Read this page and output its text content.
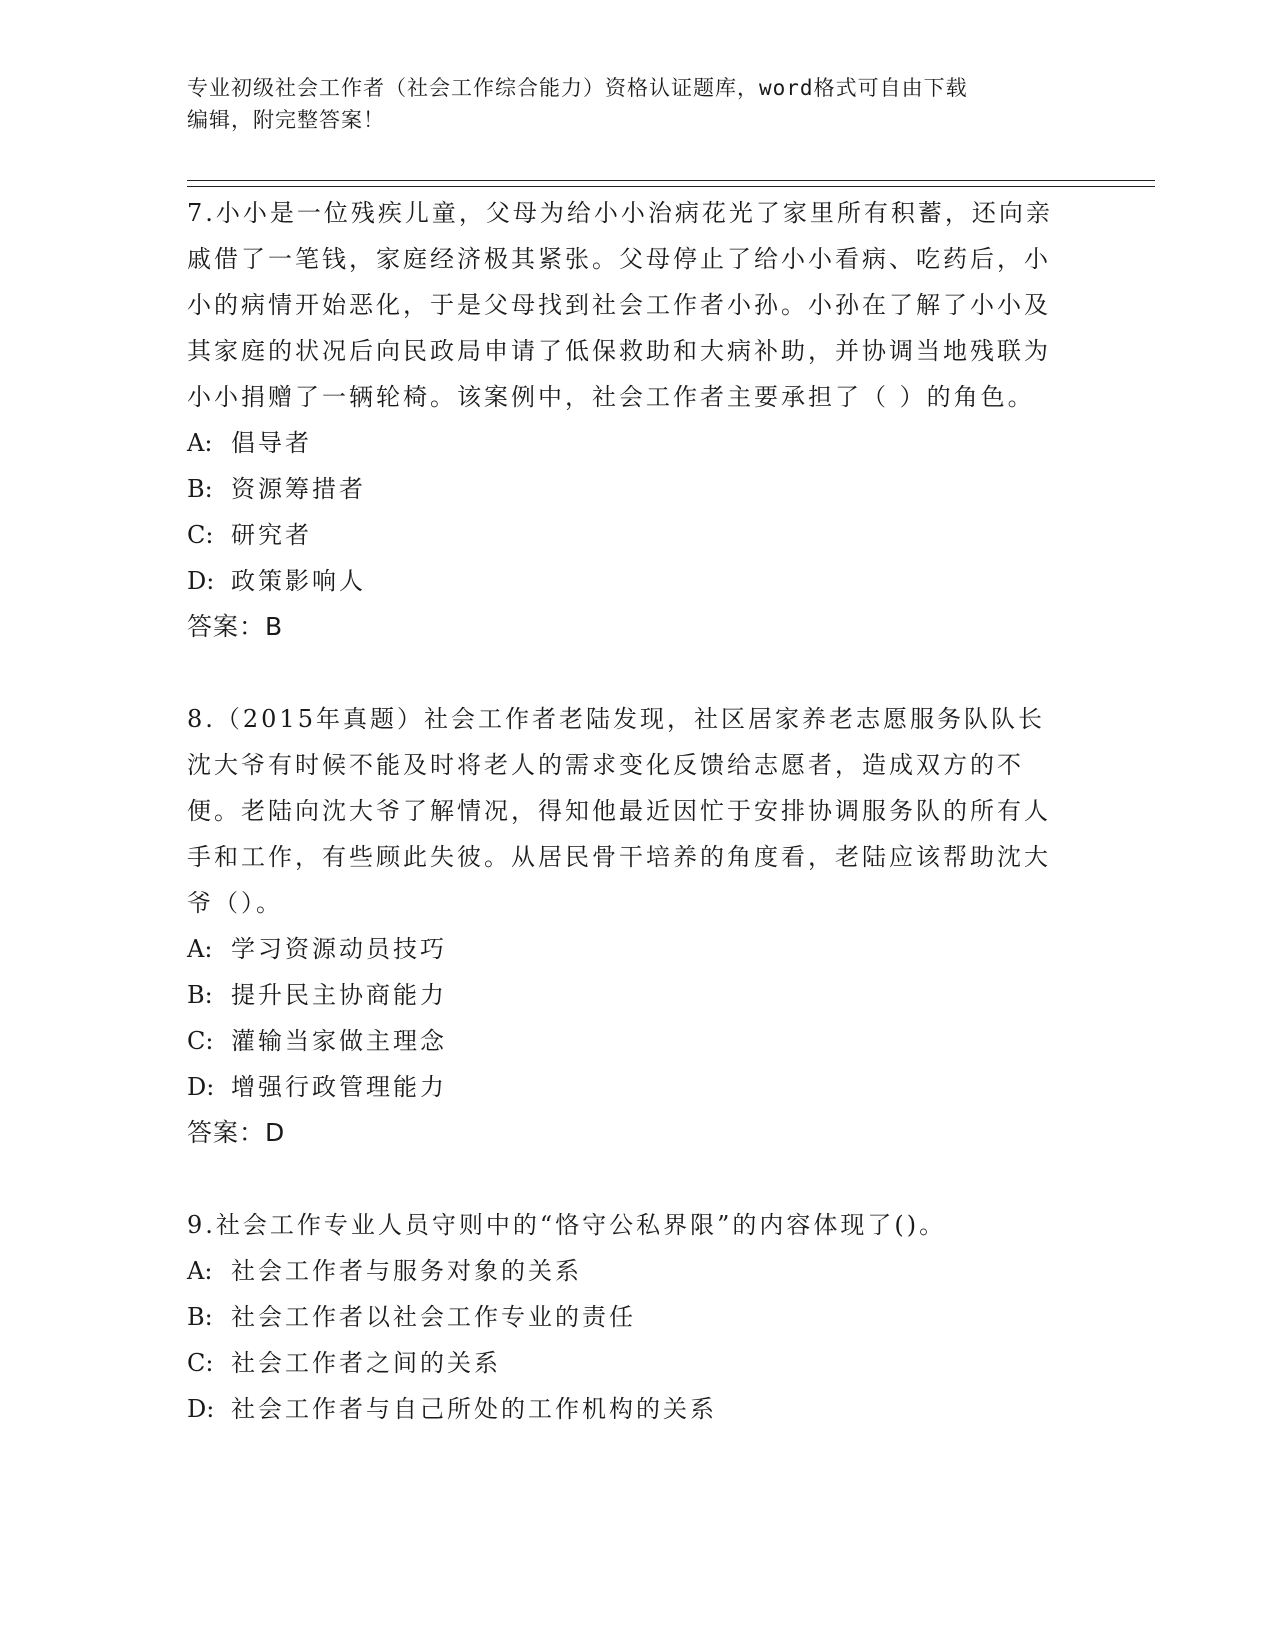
专业初级社会工作者（社会工作综合能力）资格认证题库，word格式可自由下载
编辑，附完整答案！

7.小小是一位残疾儿童，父母为给小小治病花光了家里所有积蓄，还向亲戚借了一笔钱，家庭经济极其紧张。父母停止了给小小看病、吃药后，小小的病情开始恶化，于是父母找到社会工作者小孙。小孙在了解了小小及其家庭的状况后向民政局申请了低保救助和大病补助，并协调当地残联为小小捐赠了一辆轮椅。该案例中，社会工作者主要承担了（ ）的角色。

A: 倡导者

B: 资源筹措者

C: 研究者

D: 政策影响人

答案：B

8.（2015年真题）社会工作者老陆发现，社区居家养老志愿服务队队长沈大爷有时候不能及时将老人的需求变化反馈给志愿者，造成双方的不便。老陆向沈大爷了解情况，得知他最近因忙于安排协调服务队的所有人手和工作，有些顾此失彼。从居民骨干培养的角度看，老陆应该帮助沈大爷（）。

A: 学习资源动员技巧

B: 提升民主协商能力

C: 灌输当家做主理念

D: 增强行政管理能力

答案：D

9.社会工作专业人员守则中的“恪守公私界限”的内容体现了()。

A: 社会工作者与服务对象的关系

B: 社会工作者以社会工作专业的责任

C: 社会工作者之间的关系

D: 社会工作者与自己所处的工作机构的关系
